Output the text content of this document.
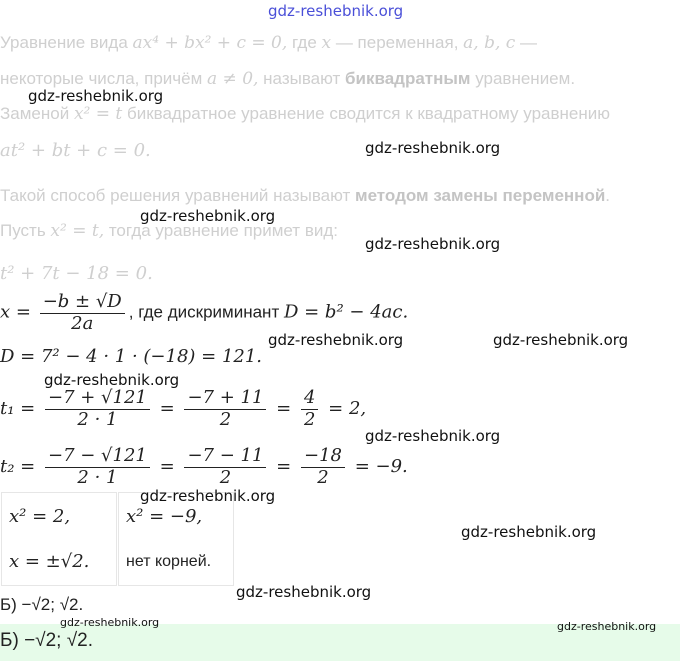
gdz-reshebnik.org
Уравнение вида ax⁴ + bx² + c = 0, где x — переменная, a, b, c —
некоторые числа, причём a ≠ 0, называют биквадратным уравнением.
Заменой x² = t биквадратное уравнение сводится к квадратному уравнению
at² + bt + c = 0.
Такой способ решения уравнений называют методом замены переменной.
Пусть x² = t, тогда уравнение примет вид:
t² + 7t − 18 = 0.
$x = \frac{-b \pm √D}{2a}$ , где дискриминант D = b² − 4ac.
D = 7² − 4 · 1 · (−18) = 121.
$t_1 = \frac{-7 + √121}{2 \cdot 1} = \frac{-7 + 11}{2} = \frac{4}{2} = 2$,
$t_2 = \frac{-7 - √121}{2 \cdot 1} = \frac{-7 - 11}{2} = \frac{-18}{2} = -9$.
x² = 2,
x = ±√2.
x² = −9,
нет корней.
Б) −√2; √2.
Б) −√2; √2.
gdz-reshebnik.org
gdz-reshebnik.org
gdz-reshebnik.org
gdz-reshebnik.org
gdz-reshebnik.org	gdz-reshebnik.org
gdz-reshebnik.org
gdz-reshebnik.org
gdz-reshebnik.org
gdz-reshebnik.org
gdz-reshebnik.org
gdz-reshebnik.org	gdz-reshebnik.org
